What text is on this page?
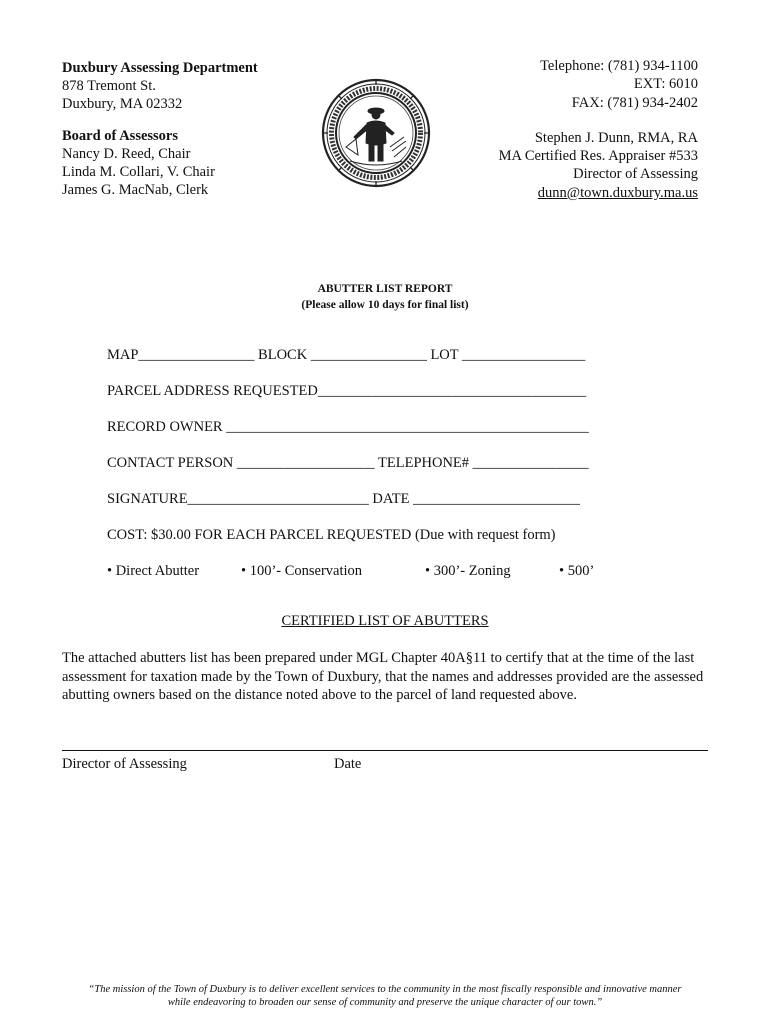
Duxbury Assessing Department
878 Tremont St.
Duxbury, MA 02332
Board of Assessors
Nancy D. Reed, Chair
Linda M. Collari, V. Chair
James G. MacNab, Clerk
Telephone: (781) 934-1100
EXT: 6010
FAX: (781) 934-2402
Stephen J. Dunn, RMA, RA
MA Certified Res. Appraiser #533
Director of Assessing
dunn@town.duxbury.ma.us
ABUTTER LIST REPORT
(Please allow 10 days for final list)
MAP________________ BLOCK ________________ LOT _________________
PARCEL ADDRESS REQUESTED_____________________________________
RECORD OWNER __________________________________________________
CONTACT PERSON ___________________ TELEPHONE# ________________
SIGNATURE_________________________ DATE _______________________
COST: $30.00 FOR EACH PARCEL REQUESTED (Due with request form)
• Direct Abutter	• 100’- Conservation	• 300’- Zoning	• 500’
CERTIFIED LIST OF ABUTTERS
The attached abutters list has been prepared under MGL Chapter 40A§11 to certify that at the time of the last assessment for taxation made by the Town of Duxbury, that the names and addresses provided are the assessed abutting owners based on the distance noted above to the parcel of land requested above.
Director of Assessing	Date
“The mission of the Town of Duxbury is to deliver excellent services to the community in the most fiscally responsible and innovative manner
while endeavoring to broaden our sense of community and preserve the unique character of our town.”
